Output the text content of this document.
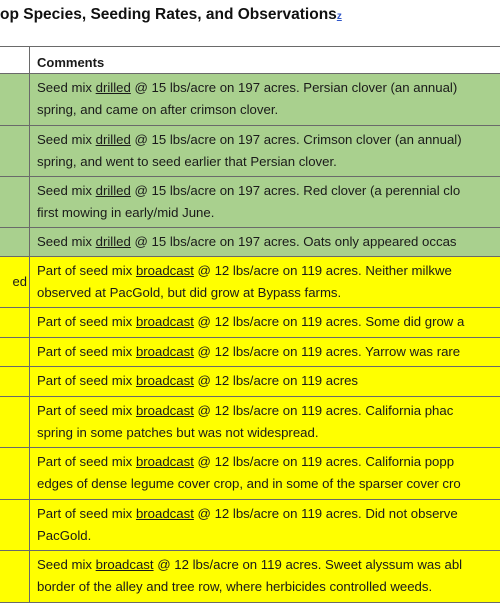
op Species, Seeding Rates, and Observationsz
Comments
Seed mix drilled @ 15 lbs/acre on 197 acres. Persian clover (an annual)
spring, and came on after crimson clover.
Seed mix drilled @ 15 lbs/acre on 197 acres. Crimson clover (an annual)
spring, and went to seed earlier that Persian clover.
Seed mix drilled @ 15 lbs/acre on 197 acres. Red clover (a perennial clo
first mowing in early/mid June.
Seed mix drilled @ 15 lbs/acre on 197 acres. Oats only appeared occas
ed
Part of seed mix broadcast @ 12 lbs/acre on 119 acres. Neither milkwe
observed at PacGold, but did grow at Bypass farms.
Part of seed mix broadcast @ 12 lbs/acre on 119 acres. Some did grow a
Part of seed mix broadcast @ 12 lbs/acre on 119 acres. Yarrow was rare
Part of seed mix broadcast @ 12 lbs/acre on 119 acres
Part of seed mix broadcast @ 12 lbs/acre on 119 acres. California phac
spring in some patches but was not widespread.
Part of seed mix broadcast @ 12 lbs/acre on 119 acres. California popp
edges of dense legume cover crop, and in some of the sparser cover cro
Part of seed mix broadcast @ 12 lbs/acre on 119 acres. Did not observe
PacGold.
Seed mix broadcast @ 12 lbs/acre on 119 acres. Sweet alyssum was abl
border of the alley and tree row, where herbicides controlled weeds.
